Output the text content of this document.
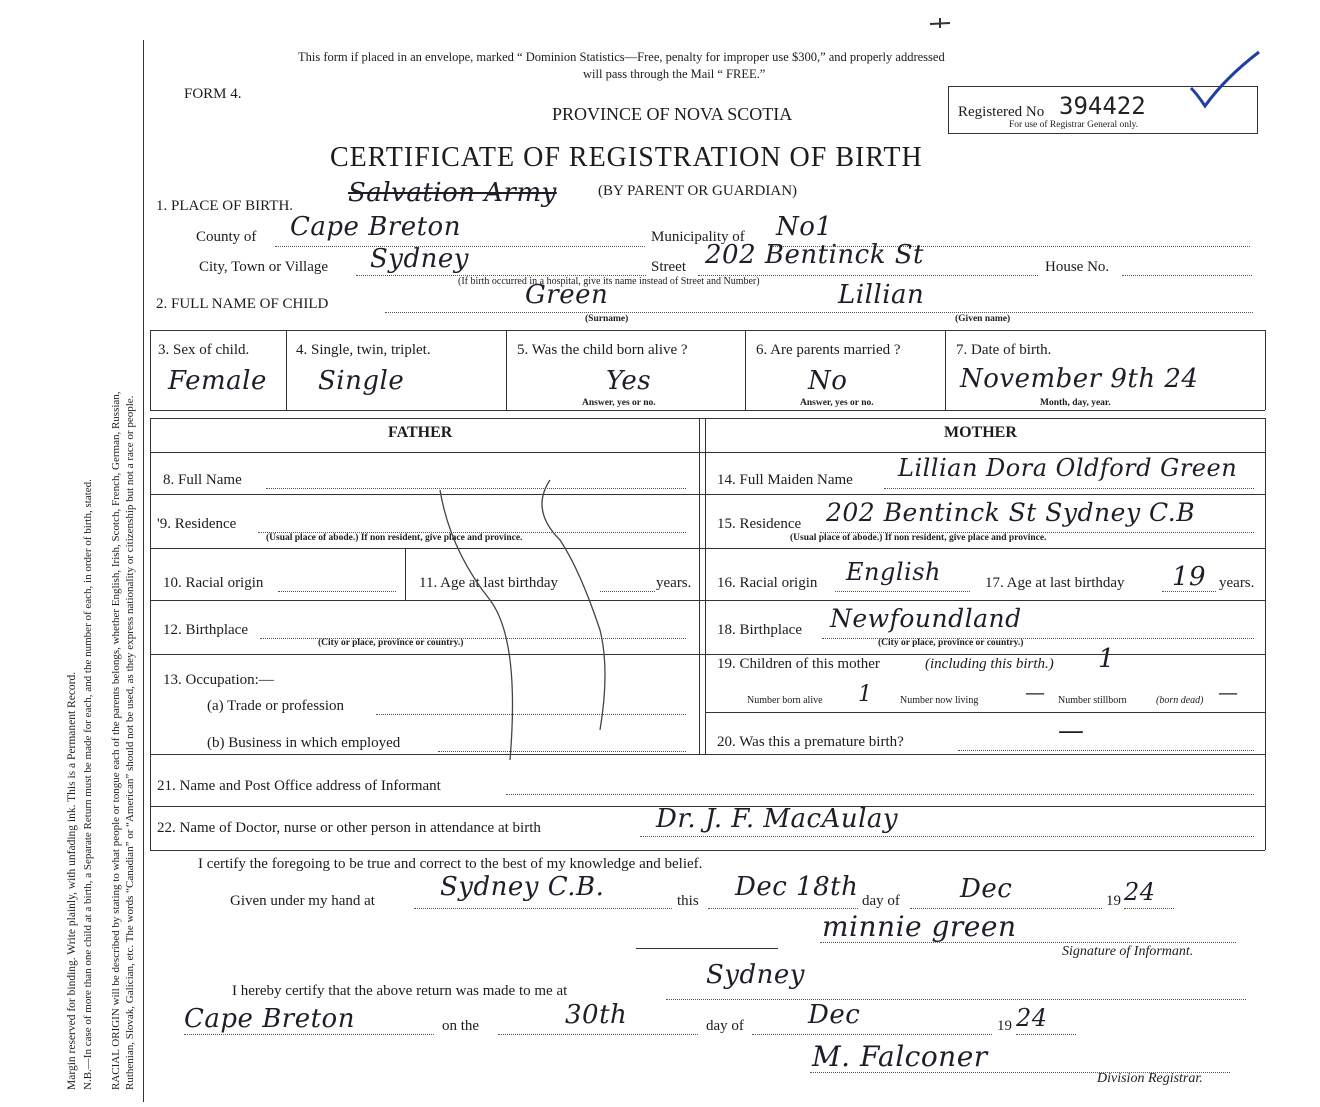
Margin reserved for binding. Write plainly, with unfading ink. This is a Permanent Record. N.B.—In case of more than one child at a birth, a Separate Return must be made for each, and the number of each, in order of birth, stated. RACIAL ORIGIN will be described by stating to what people or tongue each of the parents belongs, whether English, Irish, Scotch, French, German, Russian, Ruthenian, Slovak, Galician, etc. The words “Canadian” or “American” should not be used, as they express nationality or citizenship but not a race or people.
This form if placed in an envelope, marked “ Dominion Statistics—Free, penalty for improper use $300,” and properly addressed
will pass through the Mail “ FREE.”
FORM 4.
PROVINCE OF NOVA SCOTIA	Registered No 394422
For use of Registrar General only.
CERTIFICATE OF REGISTRATION OF BIRTH
1. PLACE OF BIRTH. Salvation Army	(BY PARENT OR GUARDIAN)
County of Cape Breton	Municipality of No1
City, Town or Village Sydney	Street 202 Bentinck St	House No.
(If birth occurred in a hospital, give its name instead of Street and Number)
2. FULL NAME OF CHILD	Green	Lillian
(Surname)	(Given name)
3. Sex of child.
Female
4. Single, twin, triplet.
Single
5. Was the child born alive ?
Yes
Answer, yes or no.
6. Are parents married ?
No
Answer, yes or no.
7. Date of birth.
November 9th 24
Month, day, year.
FATHER	MOTHER
8. Full Name
'9. Residence
(Usual place of abode.) If non resident, give place and province.
10. Racial origin	11. Age at last birthday	years.
12. Birthplace
(City or place, province or country.)
13. Occupation:—
(a) Trade or profession
(b) Business in which employed
14. Full Maiden Name Lillian Dora Oldford Green
15. Residence 202 Bentinck St Sydney C.B
(Usual place of abode.) If non resident, give place and province.
16. Racial origin English	17. Age at last birthday 19 years.
18. Birthplace Newfoundland
(City or place, province or country.)
19. Children of this mother	(including this birth.) 1
Number born alive 1	Number now living — Number stillborn	(born dead) —
20. Was this a premature birth?	—
21. Name and Post Office address of Informant
22. Name of Doctor, nurse or other person in attendance at birth	Dr. J. F. MacAulay
I certify the foregoing to be true and correct to the best of my knowledge and belief.
Given under my hand at	Sydney C.B.	this Dec 18th day of Dec	19 24
minnie green
Signature of Informant.
I hereby certify that the above return was made to me at
Sydney
Cape Breton	on the	30th	day of Dec	19 24
M. Falconer
Division Registrar.
